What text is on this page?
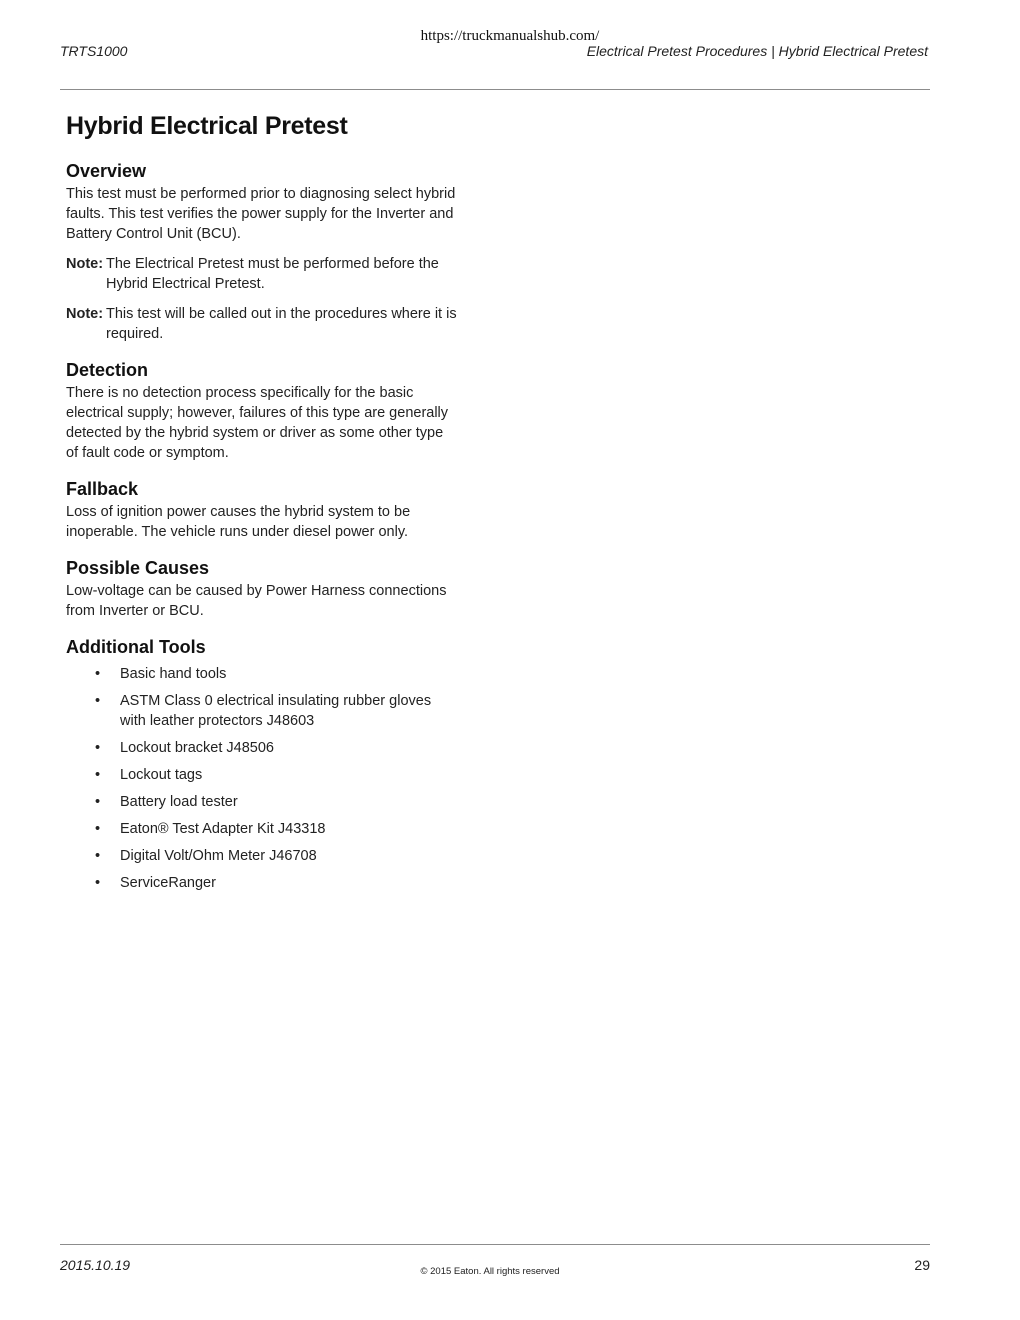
https://truckmanualshub.com/
TRTS1000	Electrical Pretest Procedures | Hybrid Electrical Pretest
Hybrid Electrical Pretest
Overview

This test must be performed prior to diagnosing select hybrid faults. This test verifies the power supply for the Inverter and Battery Control Unit (BCU).

Note: The Electrical Pretest must be performed before the Hybrid Electrical Pretest.
Note: This test will be called out in the procedures where it is required.
Detection

There is no detection process specifically for the basic electrical supply; however, failures of this type are generally detected by the hybrid system or driver as some other type of fault code or symptom.

Fallback

Loss of ignition power causes the hybrid system to be inoperable. The vehicle runs under diesel power only.

Possible Causes

Low-voltage can be caused by Power Harness connections from Inverter or BCU.

Additional Tools
•	Basic hand tools
•	ASTM Class 0 electrical insulating rubber gloves with leather protectors J48603
•	Lockout bracket J48506
•	Lockout tags
•	Battery load tester
•	Eaton® Test Adapter Kit J43318
•	Digital Volt/Ohm Meter J46708
•	ServiceRanger
2015.10.19	© 2015 Eaton. All rights reserved	29
